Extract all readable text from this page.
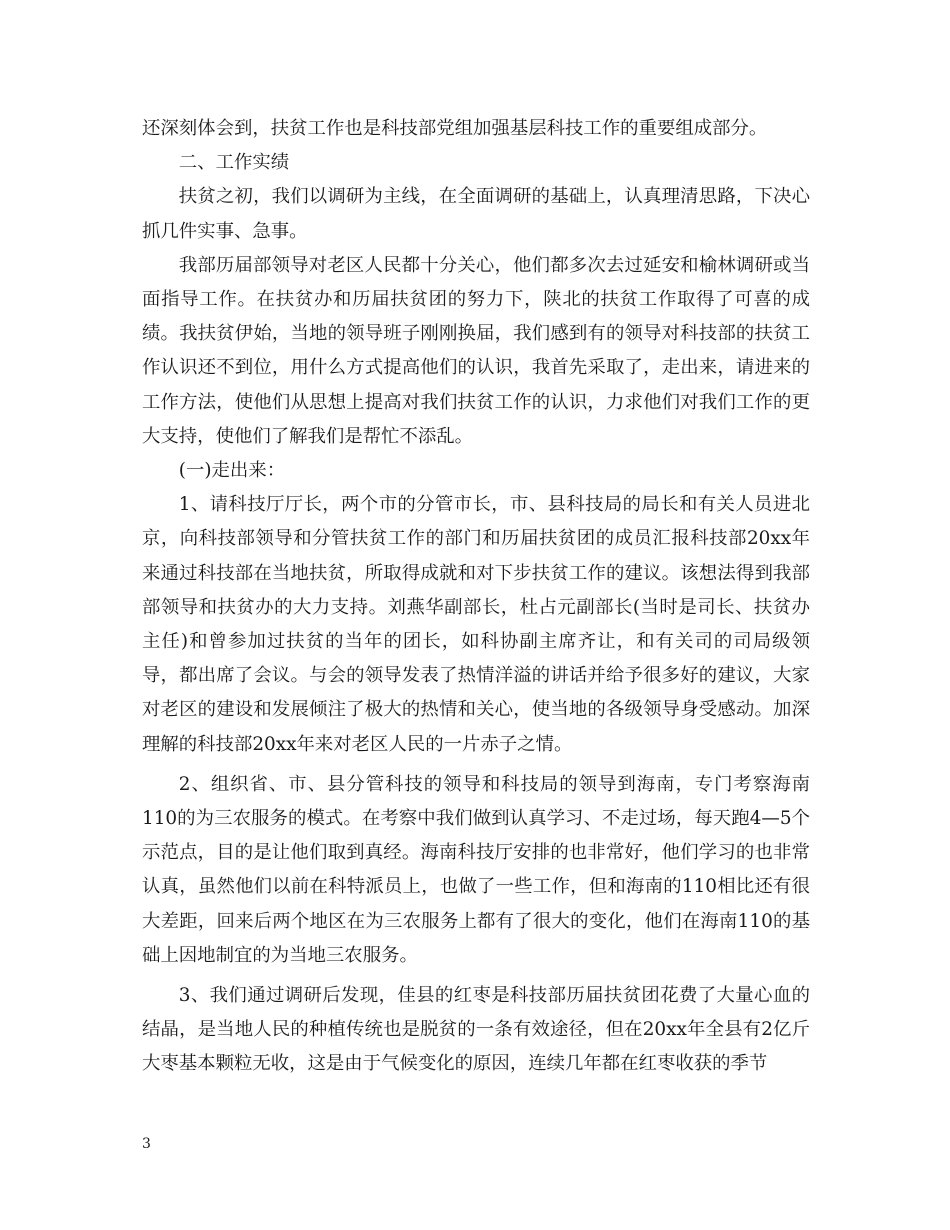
还深刻体会到，扶贫工作也是科技部党组加强基层科技工作的重要组成部分。

二、工作实绩

扶贫之初，我们以调研为主线，在全面调研的基础上，认真理清思路，下决心抓几件实事、急事。

我部历届部领导对老区人民都十分关心，他们都多次去过延安和榆林调研或当面指导工作。在扶贫办和历届扶贫团的努力下，陕北的扶贫工作取得了可喜的成绩。我扶贫伊始，当地的领导班子刚刚换届，我们感到有的领导对科技部的扶贫工作认识还不到位，用什么方式提高他们的认识，我首先采取了，走出来，请进来的工作方法，使他们从思想上提高对我们扶贫工作的认识，力求他们对我们工作的更大支持，使他们了解我们是帮忙不添乱。

(一)走出来：

1、请科技厅厅长，两个市的分管市长，市、县科技局的局长和有关人员进北京，向科技部领导和分管扶贫工作的部门和历届扶贫团的成员汇报科技部20xx年来通过科技部在当地扶贫，所取得成就和对下步扶贫工作的建议。该想法得到我部部领导和扶贫办的大力支持。刘燕华副部长，杜占元副部长(当时是司长、扶贫办主任)和曾参加过扶贫的当年的团长，如科协副主席齐让，和有关司的司局级领导，都出席了会议。与会的领导发表了热情洋溢的讲话并给予很多好的建议，大家对老区的建设和发展倾注了极大的热情和关心，使当地的各级领导身受感动。加深理解的科技部20xx年来对老区人民的一片赤子之情。

2、组织省、市、县分管科技的领导和科技局的领导到海南，专门考察海南110的为三农服务的模式。在考察中我们做到认真学习、不走过场，每天跑4—5个示范点，目的是让他们取到真经。海南科技厅安排的也非常好，他们学习的也非常认真，虽然他们以前在科特派员上，也做了一些工作，但和海南的110相比还有很大差距，回来后两个地区在为三农服务上都有了很大的变化，他们在海南110的基础上因地制宜的为当地三农服务。

3、我们通过调研后发现，佳县的红枣是科技部历届扶贫团花费了大量心血的结晶，是当地人民的种植传统也是脱贫的一条有效途径，但在20xx年全县有2亿斤大枣基本颗粒无收，这是由于气候变化的原因，连续几年都在红枣收获的季节

3
